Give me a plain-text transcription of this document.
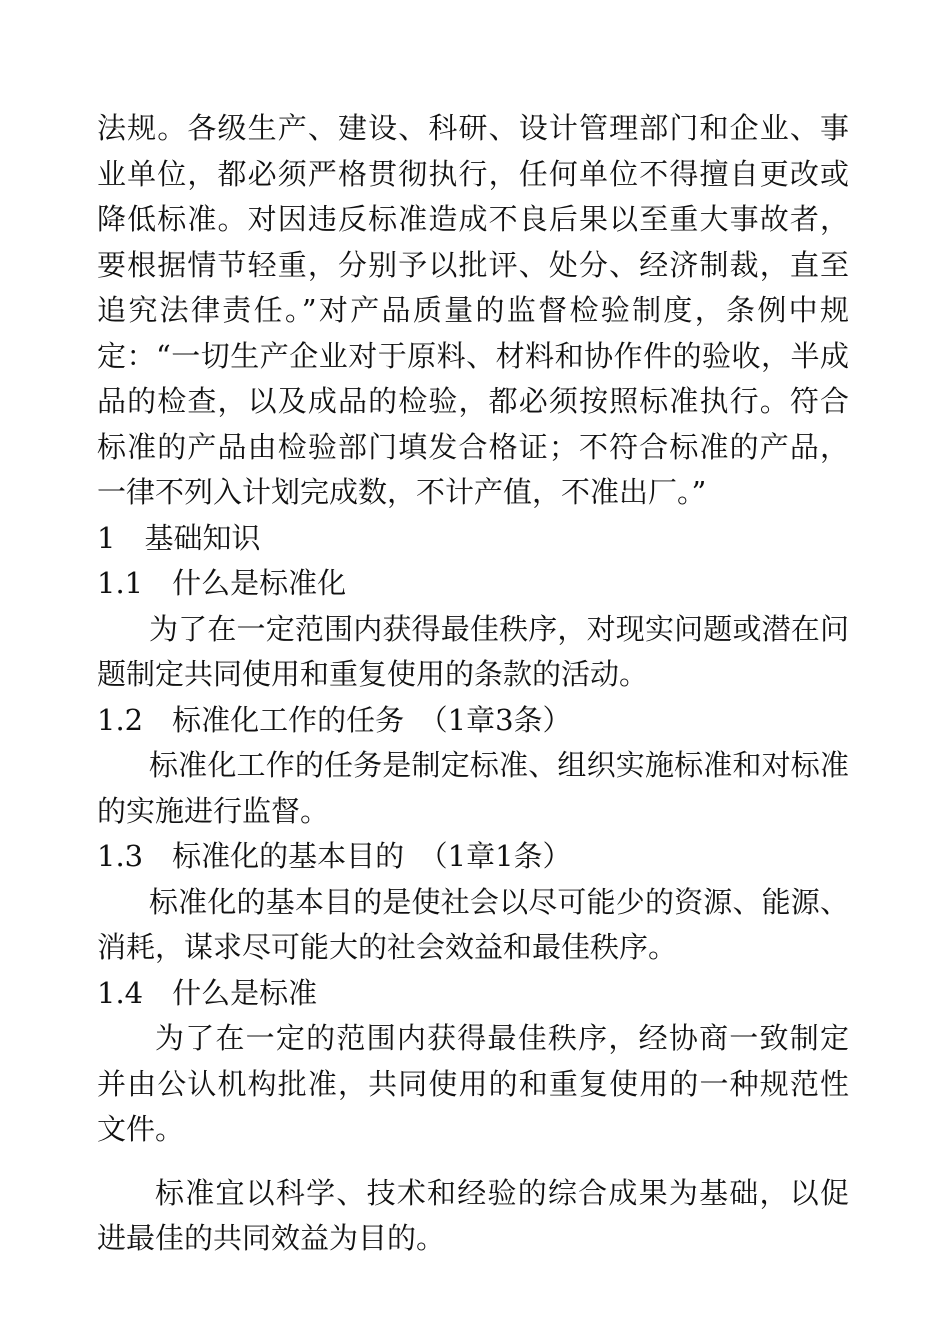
法规。各级生产、建设、科研、设计管理部门和企业、事业单位，都必须严格贯彻执行，任何单位不得擅自更改或降低标准。对因违反标准造成不良后果以至重大事故者，要根据情节轻重，分别予以批评、处分、经济制裁，直至追究法律责任。”对产品质量的监督检验制度，条例中规定：“一切生产企业对于原料、材料和协作件的验收，半成品的检查，以及成品的检验，都必须按照标准执行。符合标准的产品由检验部门填发合格证；不符合标准的产品，一律不列入计划完成数，不计产值，不准出厂。”

1　基础知识

1.1　什么是标准化

为了在一定范围内获得最佳秩序，对现实问题或潜在问题制定共同使用和重复使用的条款的活动。

1.2　标准化工作的任务　（1章3条）

标准化工作的任务是制定标准、组织实施标准和对标准的实施进行监督。

1.3　标准化的基本目的　（1章1条）

标准化的基本目的是使社会以尽可能少的资源、能源、消耗，谋求尽可能大的社会效益和最佳秩序。

1.4　什么是标准

为了在一定的范围内获得最佳秩序，经协商一致制定并由公认机构批准，共同使用的和重复使用的一种规范性文件。

标准宜以科学、技术和经验的综合成果为基础，以促进最佳的共同效益为目的。
